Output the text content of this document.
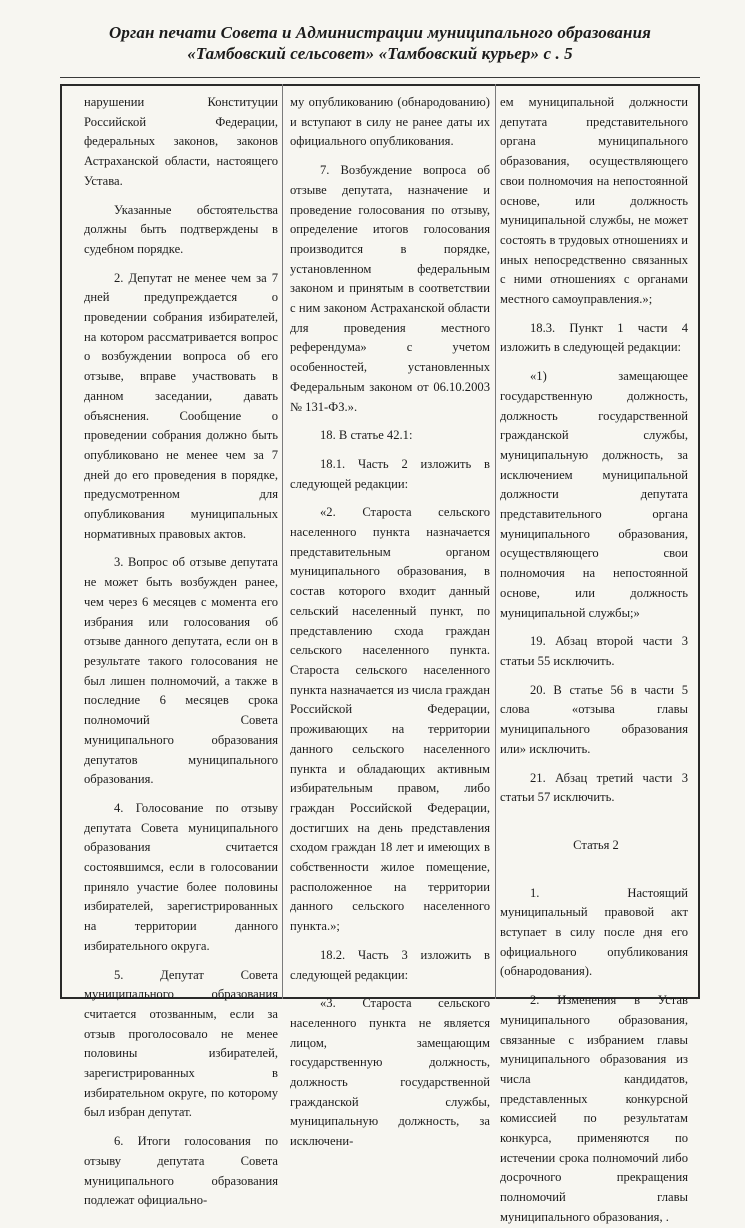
Орган печати Совета и Администрации муниципального образования
«Тамбовский сельсовет» «Тамбовский курьер» с . 5

нарушении Конституции Российской Федерации, федеральных законов, законов Астраханской области, настоящего Устава.

Указанные обстоятельства должны быть подтверждены в судебном порядке.

2. Депутат не менее чем за 7 дней предупреждается о проведении собрания избирателей, на котором рассматривается вопрос о возбуждении вопроса об его отзыве, вправе участвовать в данном заседании, давать объяснения. Сообщение о проведении собрания должно быть опубликовано не менее чем за 7 дней до его проведения в порядке, предусмотренном для опубликования муниципальных нормативных правовых актов.

3. Вопрос об отзыве депутата не может быть возбужден ранее, чем через 6 месяцев с момента его избрания или голосования об отзыве данного депутата, если он в результате такого голосования не был лишен полномочий, а также в последние 6 месяцев срока полномочий Совета муниципального образования депутатов муниципального образования.

4. Голосование по отзыву депутата Совета муниципального образования считается состоявшимся, если в голосовании приняло участие более половины избирателей, зарегистрированных на территории данного избирательного округа.

5. Депутат Совета муниципального образования считается отозванным, если за отзыв проголосовало не менее половины избирателей, зарегистрированных в избирательном округе, по которому был избран депутат.

6. Итоги голосования по отзыву депутата Совета муниципального образования подлежат официально-

му опубликованию (обнародованию) и вступают в силу не ранее даты их официального опубликования.

7. Возбуждение вопроса об отзыве депутата, назначение и проведение голосования по отзыву, определение итогов голосования производится в порядке, установленном федеральным законом и принятым в соответствии с ним законом Астраханской области для проведения местного референдума» с учетом особенностей, установленных Федеральным законом от 06.10.2003 № 131-ФЗ.».

18. В статье 42.1:

18.1. Часть 2 изложить в следующей редакции:

«2. Староста сельского населенного пункта назначается представительным органом муниципального образования, в состав которого входит данный сельский населенный пункт, по представлению схода граждан сельского населенного пункта. Староста сельского населенного пункта назначается из числа граждан Российской Федерации, проживающих на территории данного сельского населенного пункта и обладающих активным избирательным правом, либо граждан Российской Федерации, достигших на день представления сходом граждан 18 лет и имеющих в собственности жилое помещение, расположенное на территории данного сельского населенного пункта.»;

18.2. Часть 3 изложить в следующей редакции:

«3. Староста сельского населенного пункта не является лицом, замещающим государственную должность, должность государственной гражданской службы, муниципальную должность, за исключени-

ем муниципальной должности депутата представительного органа муниципального образования, осуществляющего свои полномочия на непостоянной основе, или должность муниципальной службы, не может состоять в трудовых отношениях и иных непосредственно связанных с ними отношениях с органами местного самоуправления.»;

18.3. Пункт 1 части 4 изложить в следующей редакции:

«1) замещающее государственную должность, должность государственной гражданской службы, муниципальную должность, за исключением муниципальной должности депутата представительного органа муниципального образования, осуществляющего свои полномочия на непостоянной основе, или должность муниципальной службы;»

19. Абзац второй части 3 статьи 55 исключить.

20. В статье 56 в части 5 слова «отзыва главы муниципального образования или» исключить.

21. Абзац третий части 3 статьи 57 исключить.

Статья 2

1. Настоящий муниципальный правовой акт вступает в силу после дня его официального опубликования (обнародования).

2. Изменения в Устав муниципального образования, связанные с избранием главы муниципального образования из числа кандидатов, представленных конкурсной комиссией по результатам конкурса, применяются по истечении срока полномочий либо досрочного прекращения полномочий главы муниципального образования, .
